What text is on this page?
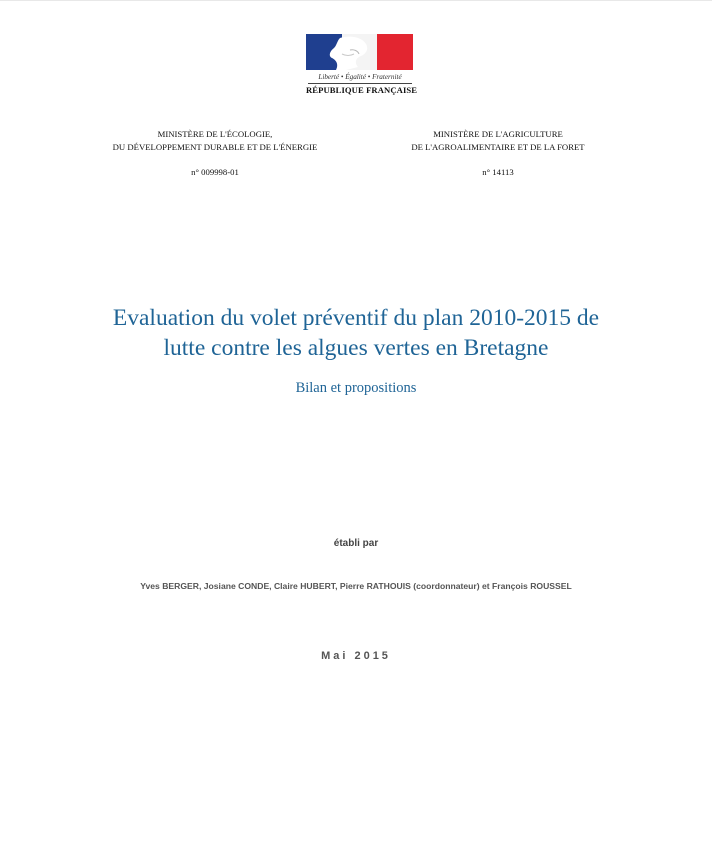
Liberté • Égalité • Fraternité
RÉPUBLIQUE FRANÇAISE
MINISTÈRE DE L'ÉCOLOGIE,
DU DÉVELOPPEMENT DURABLE ET DE L'ÉNERGIE
n° 009998-01
MINISTÈRE DE L'AGRICULTURE
DE L'AGROALIMENTAIRE ET DE LA FORET
n° 14113
Evaluation du volet préventif du plan 2010-2015 de
lutte contre les algues vertes en Bretagne
Bilan et propositions
établi par
Yves BERGER, Josiane CONDE, Claire HUBERT, Pierre RATHOUIS (coordonnateur) et François ROUSSEL
Mai 2015
